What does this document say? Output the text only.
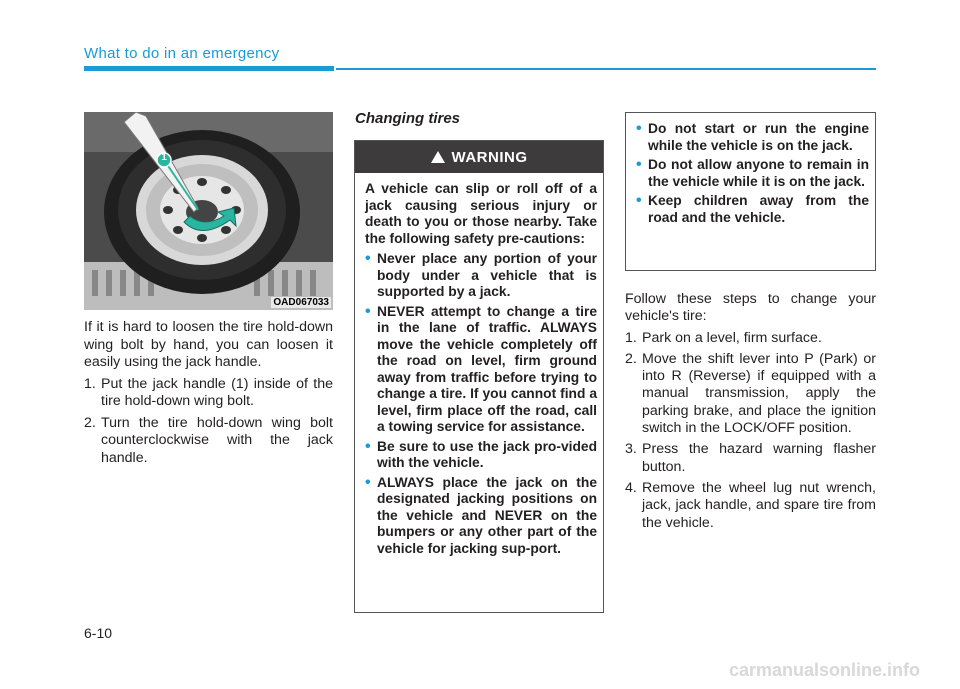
What to do in an emergency
1
OAD067033

If it is hard to loosen the tire hold-down wing bolt by hand, you can loosen it easily using the jack handle.

1. Put the jack handle (1) inside of the tire hold-down wing bolt.
2. Turn the tire hold-down wing bolt counterclockwise with the jack handle.
Changing tires
WARNING

A vehicle can slip or roll off of a jack causing serious injury or death to you or those nearby. Take the following safety pre-cautions:

• Never place any portion of your body under a vehicle that is supported by a jack.
• NEVER attempt to change a tire in the lane of traffic. ALWAYS move the vehicle completely off the road on level, firm ground away from traffic before trying to change a tire. If you cannot find a level, firm place off the road, call a towing service for assistance.
• Be sure to use the jack pro-vided with the vehicle.
• ALWAYS place the jack on the designated jacking positions on the vehicle and NEVER on the bumpers or any other part of the vehicle for jacking sup-port.
• Do not start or run the engine while the vehicle is on the jack.
• Do not allow anyone to remain in the vehicle while it is on the jack.
• Keep children away from the road and the vehicle.

Follow these steps to change your vehicle's tire:

1. Park on a level, firm surface.
2. Move the shift lever into P (Park) or into R (Reverse) if equipped with a manual transmission, apply the parking brake, and place the ignition switch in the LOCK/OFF position.
3. Press the hazard warning flasher button.
4. Remove the wheel lug nut wrench, jack, jack handle, and spare tire from the vehicle.
6-10
carmanualsonline.info
